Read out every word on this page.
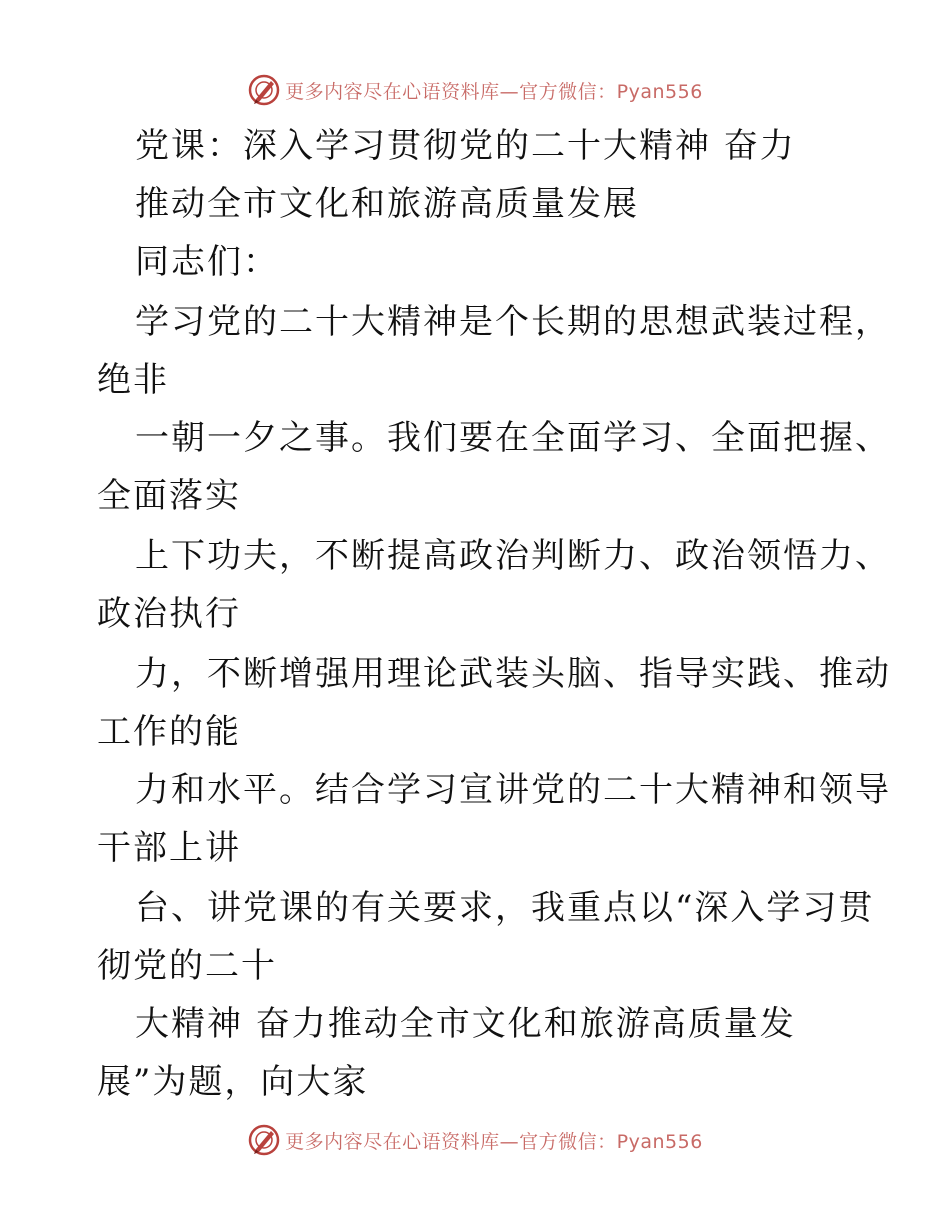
更多内容尽在心语资料库—官方微信：Pyan556
党课：深入学习贯彻党的二十大精神 奋力
推动全市文化和旅游高质量发展
同志们：
学习党的二十大精神是个长期的思想武装过程，
绝非
一朝一夕之事。我们要在全面学习、全面把握、
全面落实
上下功夫，不断提高政治判断力、政治领悟力、
政治执行
力，不断增强用理论武装头脑、指导实践、推动
工作的能
力和水平。结合学习宣讲党的二十大精神和领导
干部上讲
台、讲党课的有关要求，我重点以“深入学习贯
彻党的二十
大精神 奋力推动全市文化和旅游高质量发
展”为题，向大家
更多内容尽在心语资料库—官方微信：Pyan556
